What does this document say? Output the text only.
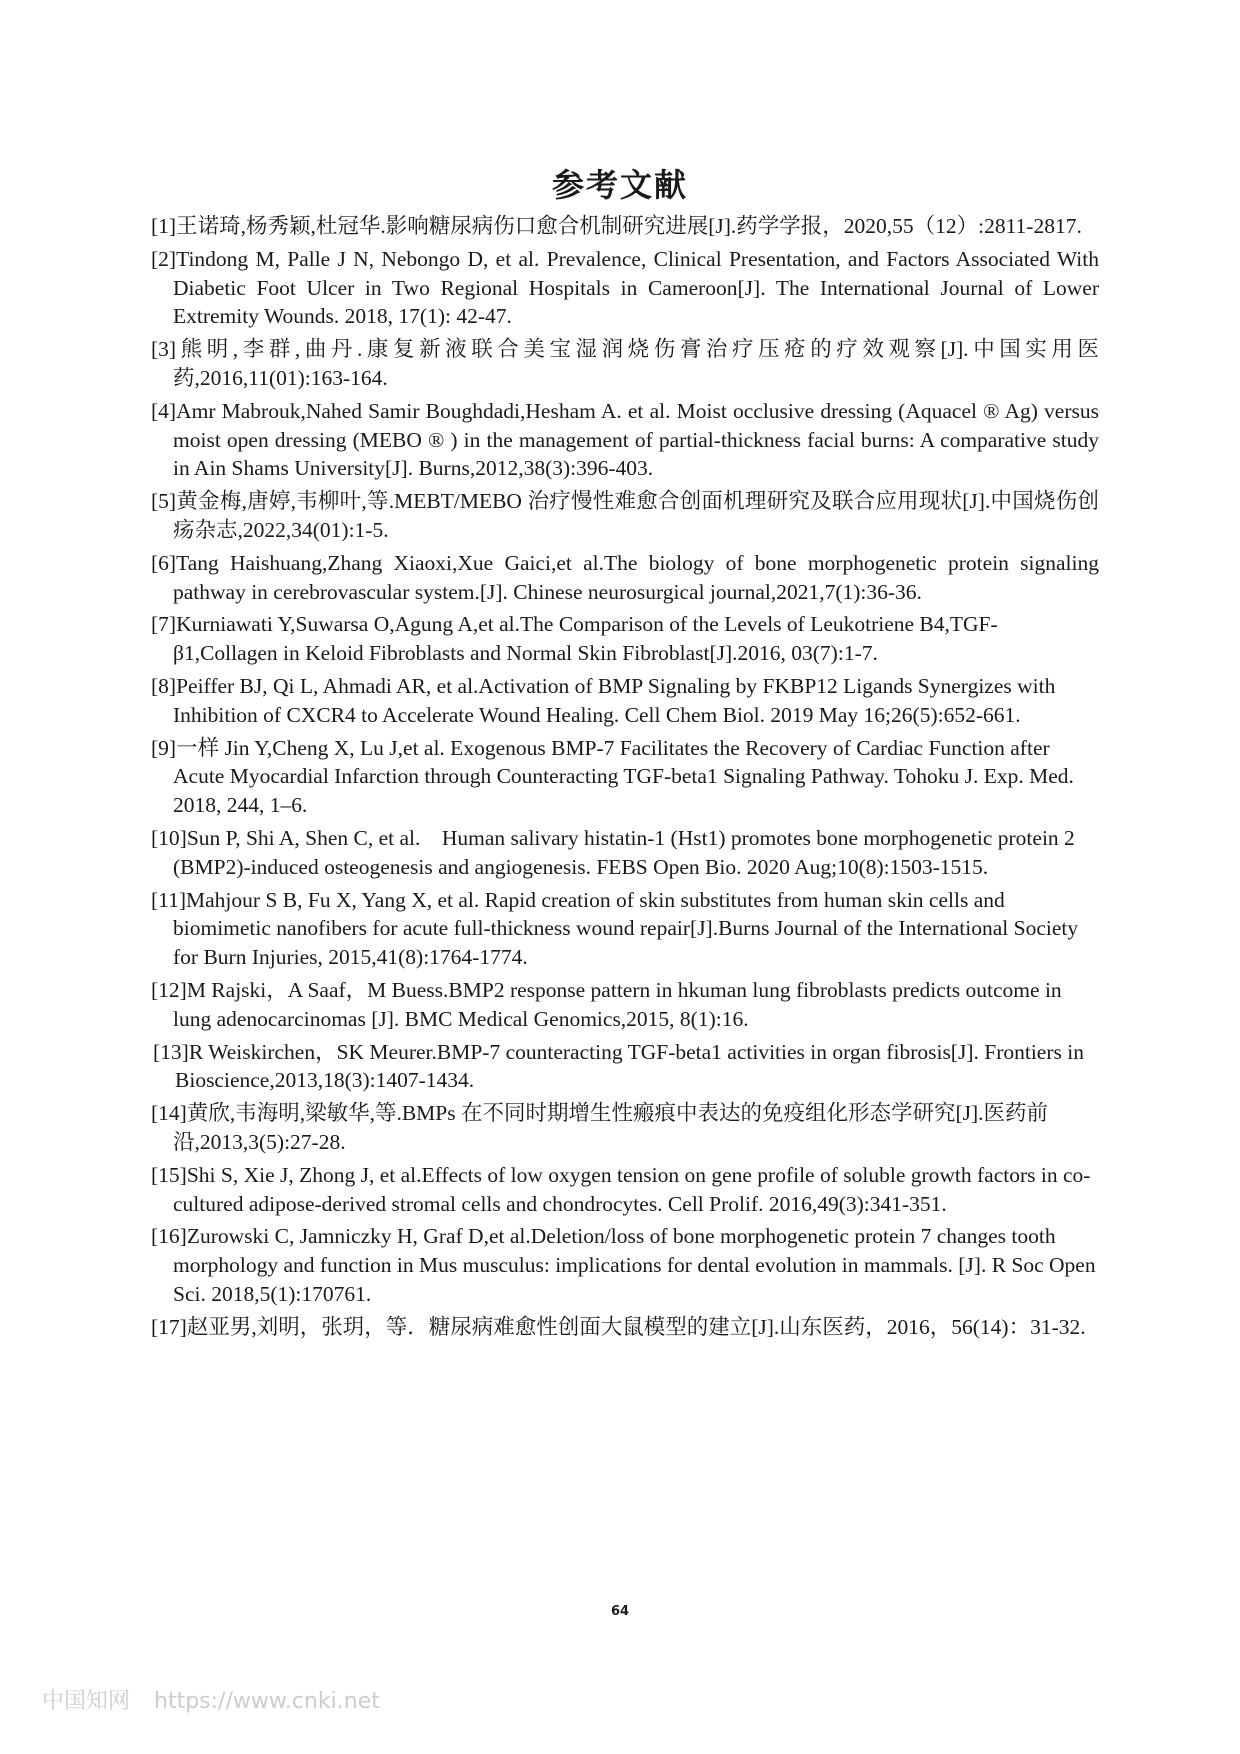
参考文献

[1]王诺琦,杨秀颖,杜冠华.影响糖尿病伤口愈合机制研究进展[J].药学学报，2020,55（12）:2811-2817.

[2]Tindong M, Palle J N, Nebongo D, et al. Prevalence, Clinical Presentation, and Factors Associated With Diabetic Foot Ulcer in Two Regional Hospitals in Cameroon[J]. The International Journal of Lower Extremity Wounds. 2018, 17(1): 42-47.

[3]熊明,李群,曲丹.康复新液联合美宝湿润烧伤膏治疗压疮的疗效观察[J].中国实用医药,2016,11(01):163-164.

[4]Amr Mabrouk,Nahed Samir Boughdadi,Hesham A. et al. Moist occlusive dressing (Aquacel ® Ag) versus moist open dressing (MEBO ® ) in the management of partial-thickness facial burns: A comparative study in Ain Shams University[J]. Burns,2012,38(3):396-403.

[5]黄金梅,唐婷,韦柳叶,等.MEBT/MEBO 治疗慢性难愈合创面机理研究及联合应用现状[J].中国烧伤创疡杂志,2022,34(01):1-5.

[6]Tang Haishuang,Zhang Xiaoxi,Xue Gaici,et al.The biology of bone morphogenetic protein signaling pathway in cerebrovascular system.[J]. Chinese neurosurgical journal,2021,7(1):36-36.

[7]Kurniawati Y,Suwarsa O,Agung A,et al.The Comparison of the Levels of Leukotriene B4,TGF-β1,Collagen in Keloid Fibroblasts and Normal Skin Fibroblast[J].2016, 03(7):1-7.

[8]Peiffer BJ, Qi L, Ahmadi AR, et al.Activation of BMP Signaling by FKBP12 Ligands Synergizes with Inhibition of CXCR4 to Accelerate Wound Healing. Cell Chem Biol. 2019 May 16;26(5):652-661.

[9]一样 Jin Y,Cheng X, Lu J,et al. Exogenous BMP-7 Facilitates the Recovery of Cardiac Function after Acute Myocardial Infarction through Counteracting TGF-beta1 Signaling Pathway. Tohoku J. Exp. Med. 2018, 244, 1–6.

[10]Sun P, Shi A, Shen C, et al.　Human salivary histatin-1 (Hst1) promotes bone morphogenetic protein 2 (BMP2)-induced osteogenesis and angiogenesis. FEBS Open Bio. 2020 Aug;10(8):1503-1515.

[11]Mahjour S B, Fu X, Yang X, et al. Rapid creation of skin substitutes from human skin cells and biomimetic nanofibers for acute full-thickness wound repair[J].Burns Journal of the International Society for Burn Injuries, 2015,41(8):1764-1774.

[12]M Rajski，A Saaf，M Buess.BMP2 response pattern in hkuman lung fibroblasts predicts outcome in lung adenocarcinomas [J]. BMC Medical Genomics,2015, 8(1):16.

[13]R Weiskirchen，SK Meurer.BMP-7 counteracting TGF-beta1 activities in organ fibrosis[J]. Frontiers in Bioscience,2013,18(3):1407-1434.

[14]黄欣,韦海明,梁敏华,等.BMPs 在不同时期增生性瘢痕中表达的免疫组化形态学研究[J].医药前沿,2013,3(5):27-28.

[15]Shi S, Xie J, Zhong J, et al.Effects of low oxygen tension on gene profile of soluble growth factors in co-cultured adipose-derived stromal cells and chondrocytes. Cell Prolif. 2016,49(3):341-351.

[16]Zurowski C, Jamniczky H, Graf D,et al.Deletion/loss of bone morphogenetic protein 7 changes tooth morphology and function in Mus musculus: implications for dental evolution in mammals. [J]. R Soc Open Sci. 2018,5(1):170761.

[17]赵亚男,刘明，张玥，等．糖尿病难愈性创面大鼠模型的建立[J].山东医药，2016，56(14)：31-32.

64
中国知网 https://www.cnki.net
